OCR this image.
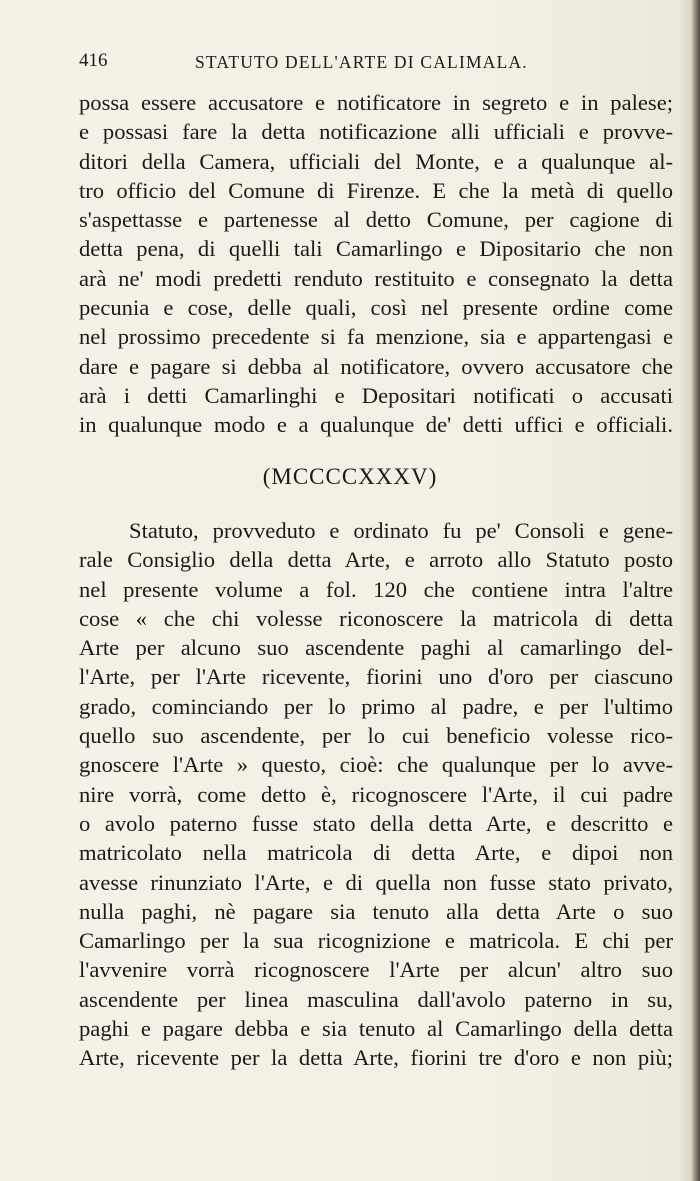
416	STATUTO DELL'ARTE DI CALIMALA.
possa essere accusatore e notificatore in segreto e in palese;
e possasi fare la detta notificazione alli ufficiali e provve-
ditori della Camera, ufficiali del Monte, e a qualunque al-
tro officio del Comune di Firenze. E che la metà di quello
s'aspettasse e partenesse al detto Comune, per cagione di
detta pena, di quelli tali Camarlingo e Dipositario che non
arà ne' modi predetti renduto restituito e consegnato la detta
pecunia e cose, delle quali, così nel presente ordine come
nel prossimo precedente si fa menzione, sia e appartengasi e
dare e pagare si debba al notificatore, ovvero accusatore che
arà i detti Camarlinghi e Depositari notificati o accusati
in qualunque modo e a qualunque de' detti uffici e officiali.
(MCCCCXXXV)
Statuto, provveduto e ordinato fu pe' Consoli e gene-
rale Consiglio della detta Arte, e arroto allo Statuto posto
nel presente volume a fol. 120 che contiene intra l'altre
cose « che chi volesse riconoscere la matricola di detta
Arte per alcuno suo ascendente paghi al camarlingo del-
l'Arte, per l'Arte ricevente, fiorini uno d'oro per ciascuno
grado, cominciando per lo primo al padre, e per l'ultimo
quello suo ascendente, per lo cui beneficio volesse rico-
gnoscere l'Arte » questo, cioè: che qualunque per lo avve-
nire vorrà, come detto è, ricognoscere l'Arte, il cui padre
o avolo paterno fusse stato della detta Arte, e descritto e
matricolato nella matricola di detta Arte, e dipoi non
avesse rinunziato l'Arte, e di quella non fusse stato privato,
nulla paghi, nè pagare sia tenuto alla detta Arte o suo
Camarlingo per la sua ricognizione e matricola. E chi per
l'avvenire vorrà ricognoscere l'Arte per alcun' altro suo
ascendente per linea masculina dall'avolo paterno in su,
paghi e pagare debba e sia tenuto al Camarlingo della detta
Arte, ricevente per la detta Arte, fiorini tre d'oro e non più;
